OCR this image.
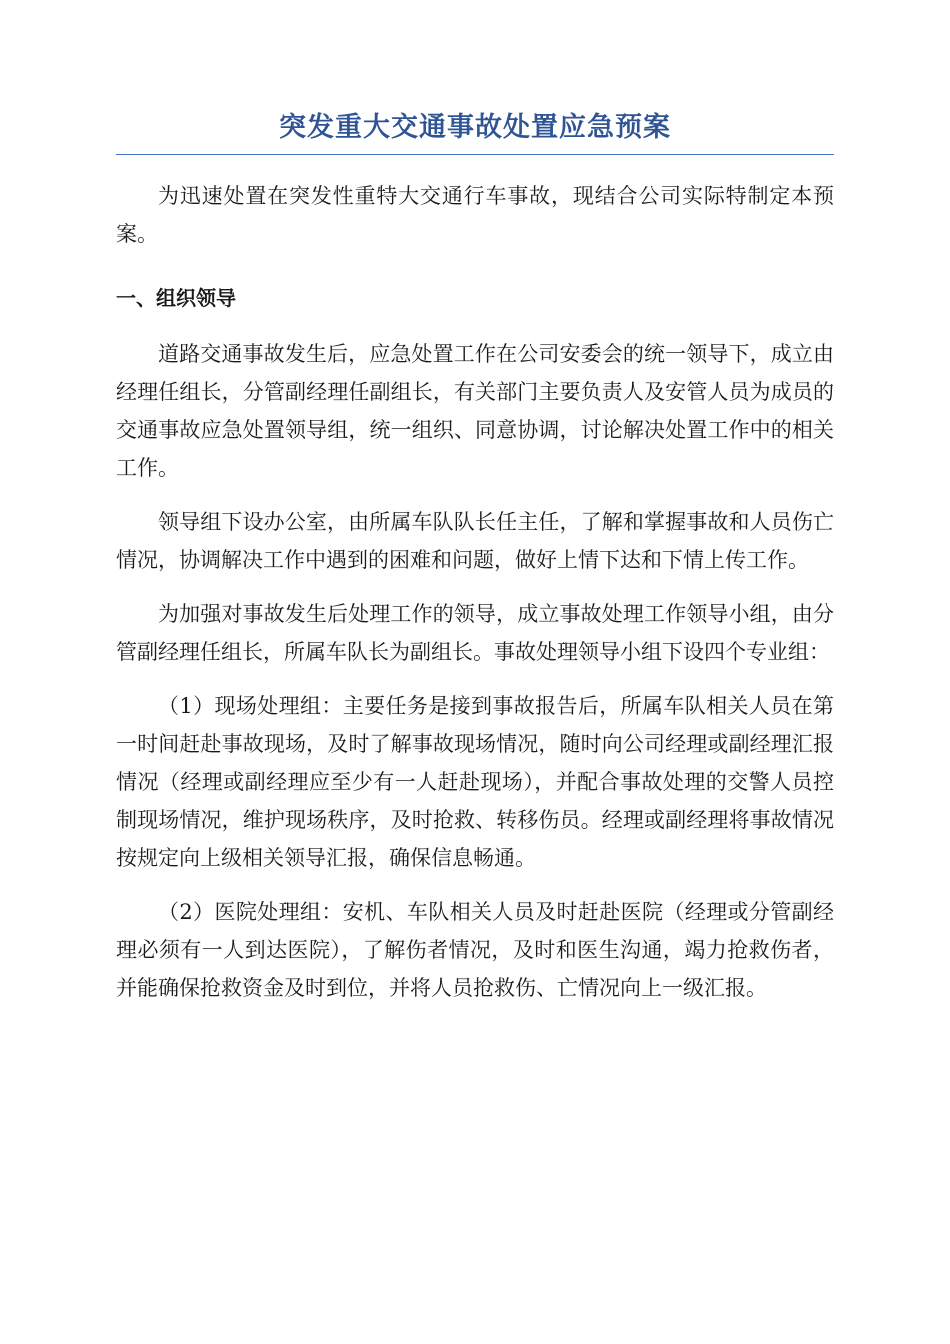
突发重大交通事故处置应急预案

为迅速处置在突发性重特大交通行车事故，现结合公司实际特制定本预案。

一、组织领导

道路交通事故发生后，应急处置工作在公司安委会的统一领导下，成立由经理任组长，分管副经理任副组长，有关部门主要负责人及安管人员为成员的交通事故应急处置领导组，统一组织、同意协调，讨论解决处置工作中的相关工作。

领导组下设办公室，由所属车队队长任主任，了解和掌握事故和人员伤亡情况，协调解决工作中遇到的困难和问题，做好上情下达和下情上传工作。

为加强对事故发生后处理工作的领导，成立事故处理工作领导小组，由分管副经理任组长，所属车队长为副组长。事故处理领导小组下设四个专业组：

（1）现场处理组：主要任务是接到事故报告后，所属车队相关人员在第一时间赶赴事故现场，及时了解事故现场情况，随时向公司经理或副经理汇报情况（经理或副经理应至少有一人赶赴现场），并配合事故处理的交警人员控制现场情况，维护现场秩序，及时抢救、转移伤员。经理或副经理将事故情况按规定向上级相关领导汇报，确保信息畅通。

（2）医院处理组：安机、车队相关人员及时赶赴医院（经理或分管副经理必须有一人到达医院），了解伤者情况，及时和医生沟通，竭力抢救伤者，并能确保抢救资金及时到位，并将人员抢救伤、亡情况向上一级汇报。
